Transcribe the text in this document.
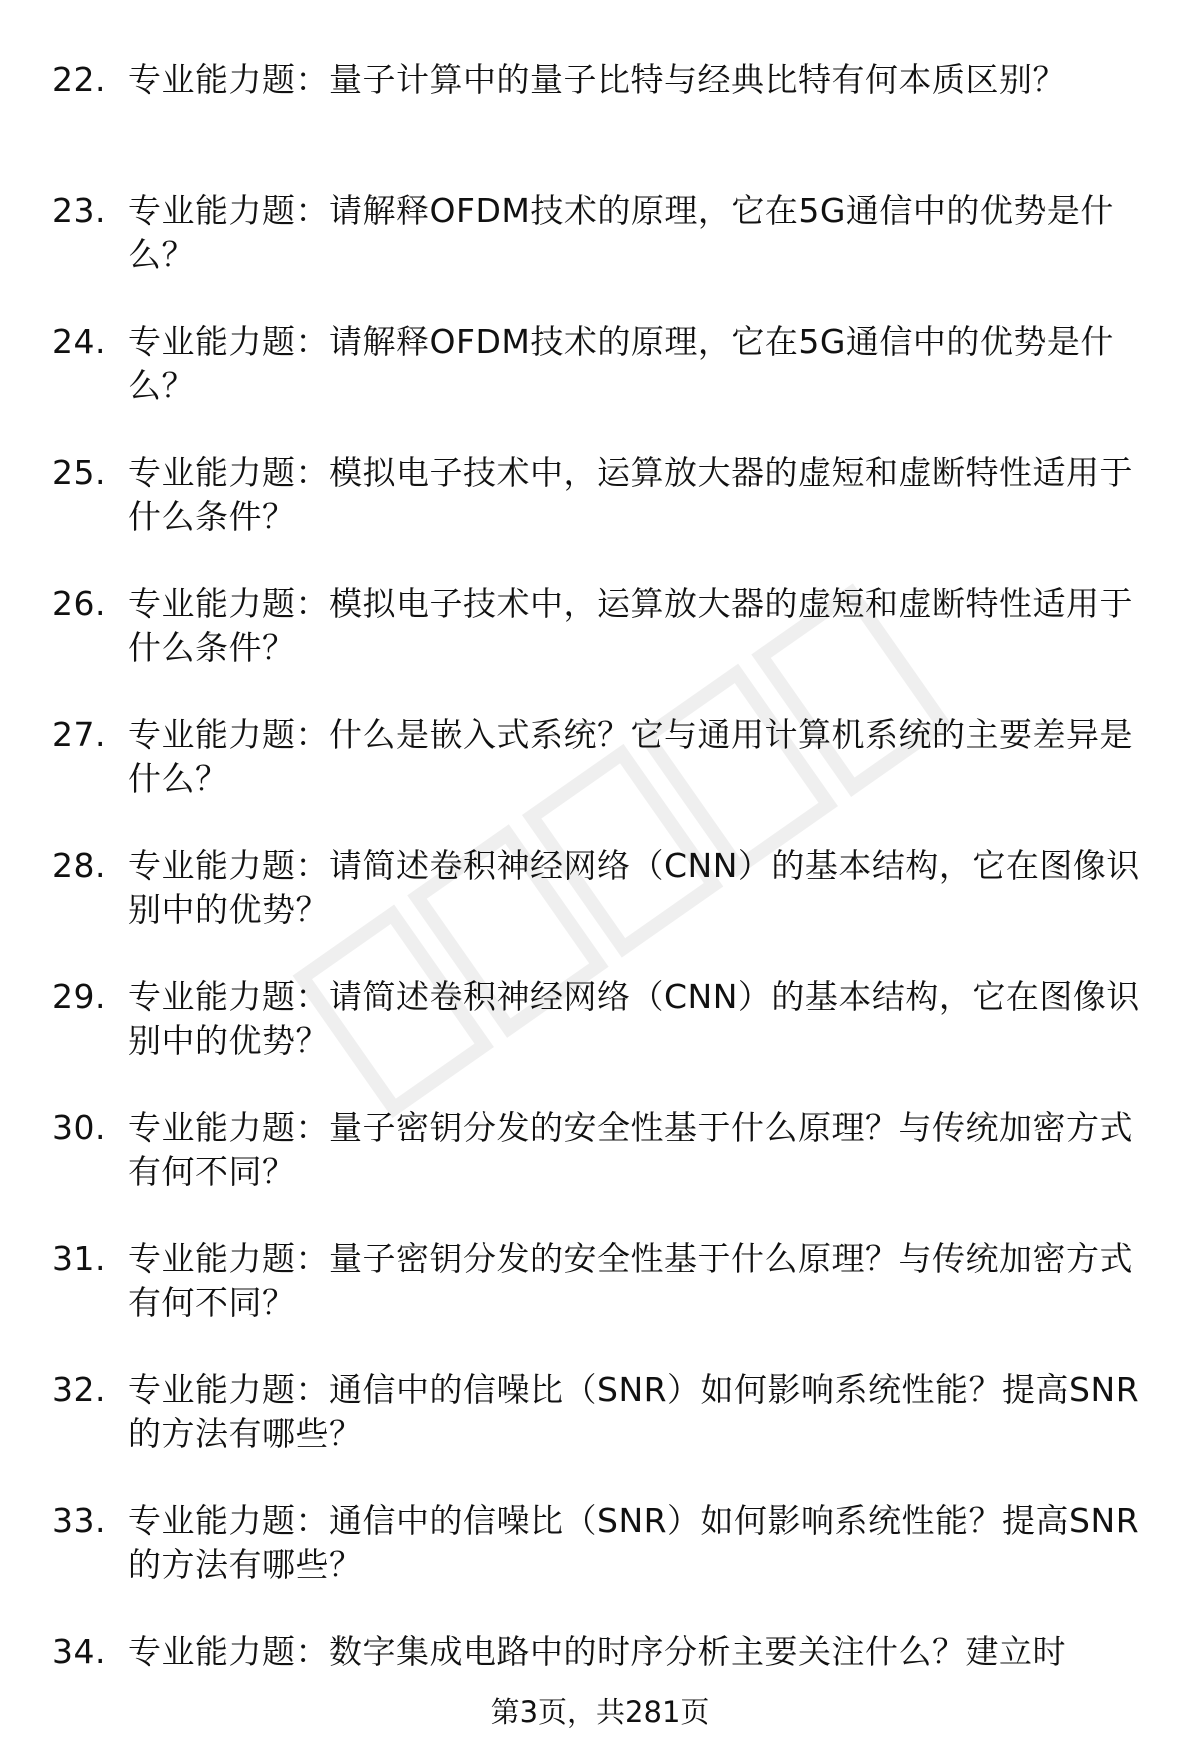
22. 专业能力题：量子计算中的量子比特与经典比特有何本质区别？
23. 专业能力题：请解释OFDM技术的原理，它在5G通信中的优势是什么？
24. 专业能力题：请解释OFDM技术的原理，它在5G通信中的优势是什么？
25. 专业能力题：模拟电子技术中，运算放大器的虚短和虚断特性适用于什么条件？
26. 专业能力题：模拟电子技术中，运算放大器的虚短和虚断特性适用于什么条件？
27. 专业能力题：什么是嵌入式系统？它与通用计算机系统的主要差异是什么？
28. 专业能力题：请简述卷积神经网络（CNN）的基本结构，它在图像识别中的优势？
29. 专业能力题：请简述卷积神经网络（CNN）的基本结构，它在图像识别中的优势？
30. 专业能力题：量子密钥分发的安全性基于什么原理？与传统加密方式有何不同？
31. 专业能力题：量子密钥分发的安全性基于什么原理？与传统加密方式有何不同？
32. 专业能力题：通信中的信噪比（SNR）如何影响系统性能？提高SNR的方法有哪些？
33. 专业能力题：通信中的信噪比（SNR）如何影响系统性能？提高SNR的方法有哪些？
34. 专业能力题：数字集成电路中的时序分析主要关注什么？建立时
第3页，共281页
